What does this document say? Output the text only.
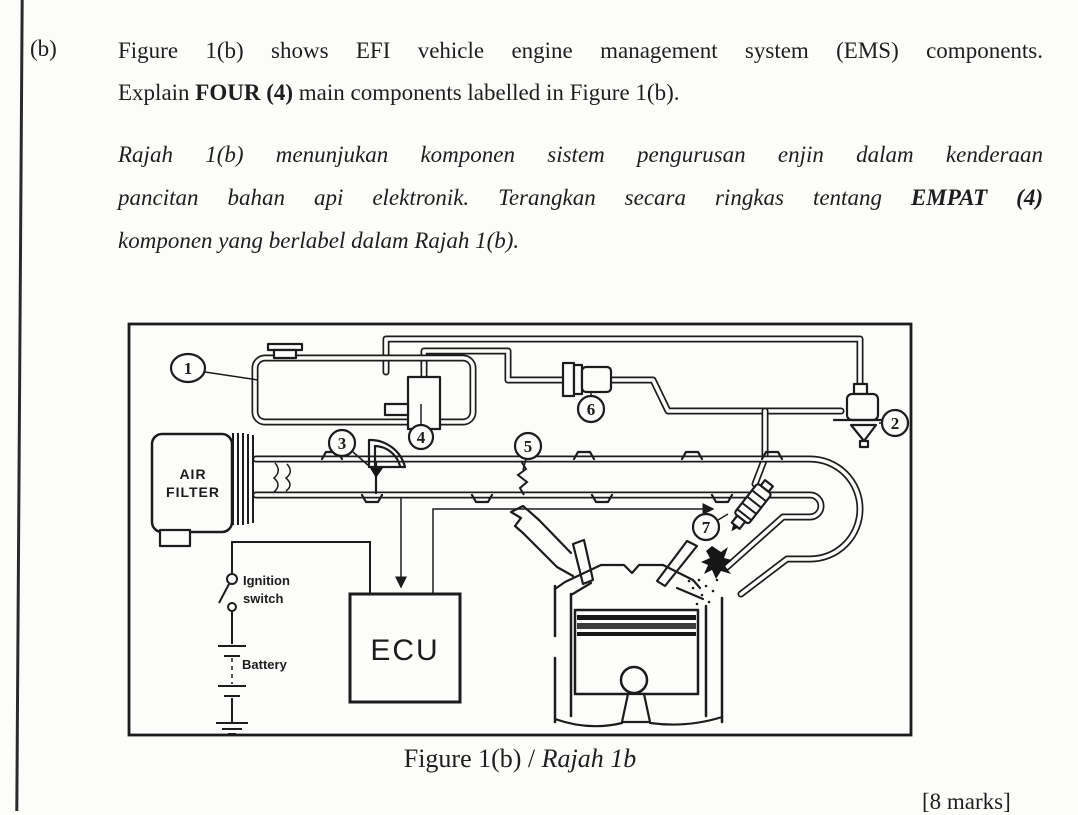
(b)	Figure 1(b) shows EFI vehicle engine management system (EMS) components.
Explain FOUR (4) main components labelled in Figure 1(b).
Rajah 1(b) menunjukan komponen sistem pengurusan enjin dalam kenderaan
pancitan bahan api elektronik. Terangkan secara ringkas tentang EMPAT (4)
komponen yang berlabel dalam Rajah 1(b).
AIR
FILTER
Ignition
switch
Battery	ECU
1
2
3	4	5
6
7
Figure 1(b) / Rajah 1b
[8 marks]
